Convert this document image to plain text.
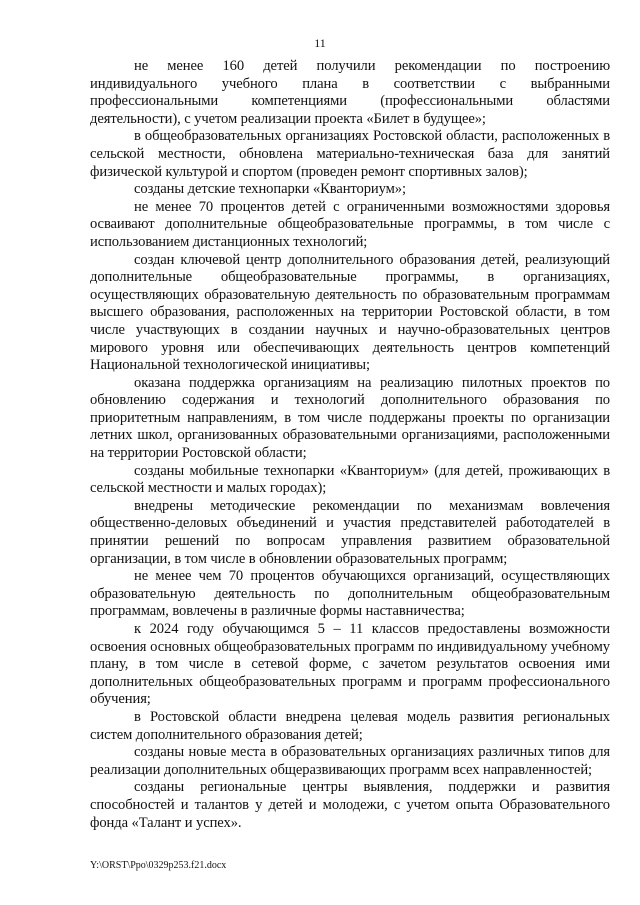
11

не менее 160 детей получили рекомендации по построению индивидуального учебного плана в соответствии с выбранными профессиональными компетенциями (профессиональными областями деятельности), с учетом реализации проекта «Билет в будущее»;

в общеобразовательных организациях Ростовской области, расположенных в сельской местности, обновлена материально-техническая база для занятий физической культурой и спортом (проведен ремонт спортивных залов);

созданы детские технопарки «Кванториум»;

не менее 70 процентов детей с ограниченными возможностями здоровья осваивают дополнительные общеобразовательные программы, в том числе с использованием дистанционных технологий;

создан ключевой центр дополнительного образования детей, реализующий дополнительные общеобразовательные программы, в организациях, осуществляющих образовательную деятельность по образовательным программам высшего образования, расположенных на территории Ростовской области, в том числе участвующих в создании научных и научно-образовательных центров мирового уровня или обеспечивающих деятельность центров компетенций Национальной технологической инициативы;

оказана поддержка организациям на реализацию пилотных проектов по обновлению содержания и технологий дополнительного образования по приоритетным направлениям, в том числе поддержаны проекты по организации летних школ, организованных образовательными организациями, расположенными на территории Ростовской области;

созданы мобильные технопарки «Кванториум» (для детей, проживающих в сельской местности и малых городах);

внедрены методические рекомендации по механизмам вовлечения общественно-деловых объединений и участия представителей работодателей в принятии решений по вопросам управления развитием образовательной организации, в том числе в обновлении образовательных программ;

не менее чем 70 процентов обучающихся организаций, осуществляющих образовательную деятельность по дополнительным общеобразовательным программам, вовлечены в различные формы наставничества;

к 2024 году обучающимся 5 – 11 классов предоставлены возможности освоения основных общеобразовательных программ по индивидуальному учебному плану, в том числе в сетевой форме, с зачетом результатов освоения ими дополнительных общеобразовательных программ и программ профессионального обучения;

в Ростовской области внедрена целевая модель развития региональных систем дополнительного образования детей;

созданы новые места в образовательных организациях различных типов для реализации дополнительных общеразвивающих программ всех направленностей;

созданы региональные центры выявления, поддержки и развития способностей и талантов у детей и молодежи, с учетом опыта Образовательного фонда «Талант и успех».

Y:\ORST\Ppo\0329p253.f21.docx
